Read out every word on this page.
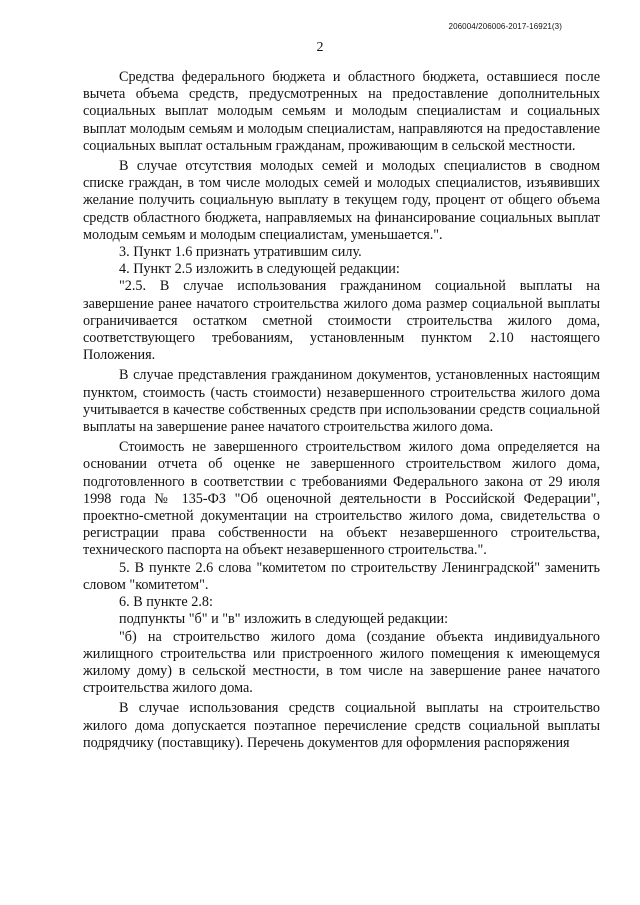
206004/206006-2017-16921(3)
2

Средства федерального бюджета и областного бюджета, оставшиеся после вычета объема средств, предусмотренных на предоставление дополнительных социальных выплат молодым семьям и молодым специалистам и социальных выплат молодым семьям и молодым специалистам, направляются на предоставление социальных выплат остальным гражданам, проживающим в сельской местности.

В случае отсутствия молодых семей и молодых специалистов в сводном списке граждан, в том числе молодых семей и молодых специалистов, изъявивших желание получить социальную выплату в текущем году, процент от общего объема средств областного бюджета, направляемых на финансирование социальных выплат молодым семьям и молодым специалистам, уменьшается.".

3. Пункт 1.6 признать утратившим силу.

4. Пункт 2.5 изложить в следующей редакции:

"2.5. В случае использования гражданином социальной выплаты на завершение ранее начатого строительства жилого дома размер социальной выплаты ограничивается остатком сметной стоимости строительства жилого дома, соответствующего требованиям, установленным пунктом 2.10 настоящего Положения.

В случае представления гражданином документов, установленных настоящим пунктом, стоимость (часть стоимости) незавершенного строительства жилого дома учитывается в качестве собственных средств при использовании средств социальной выплаты на завершение ранее начатого строительства жилого дома.

Стоимость не завершенного строительством жилого дома определяется на основании отчета об оценке не завершенного строительством жилого дома, подготовленного в соответствии с требованиями Федерального закона от 29 июля 1998 года № 135-ФЗ "Об оценочной деятельности в Российской Федерации", проектно-сметной документации на строительство жилого дома, свидетельства о регистрации права собственности на объект незавершенного строительства, технического паспорта на объект незавершенного строительства.".

5. В пункте 2.6 слова "комитетом по строительству Ленинградской" заменить словом "комитетом".

6. В пункте 2.8:

подпункты "б" и "в" изложить в следующей редакции:

"б) на строительство жилого дома (создание объекта индивидуального жилищного строительства или пристроенного жилого помещения к имеющемуся жилому дому) в сельской местности, в том числе на завершение ранее начатого строительства жилого дома.

В случае использования средств социальной выплаты на строительство жилого дома допускается поэтапное перечисление средств социальной выплаты подрядчику (поставщику). Перечень документов для оформления распоряжения
